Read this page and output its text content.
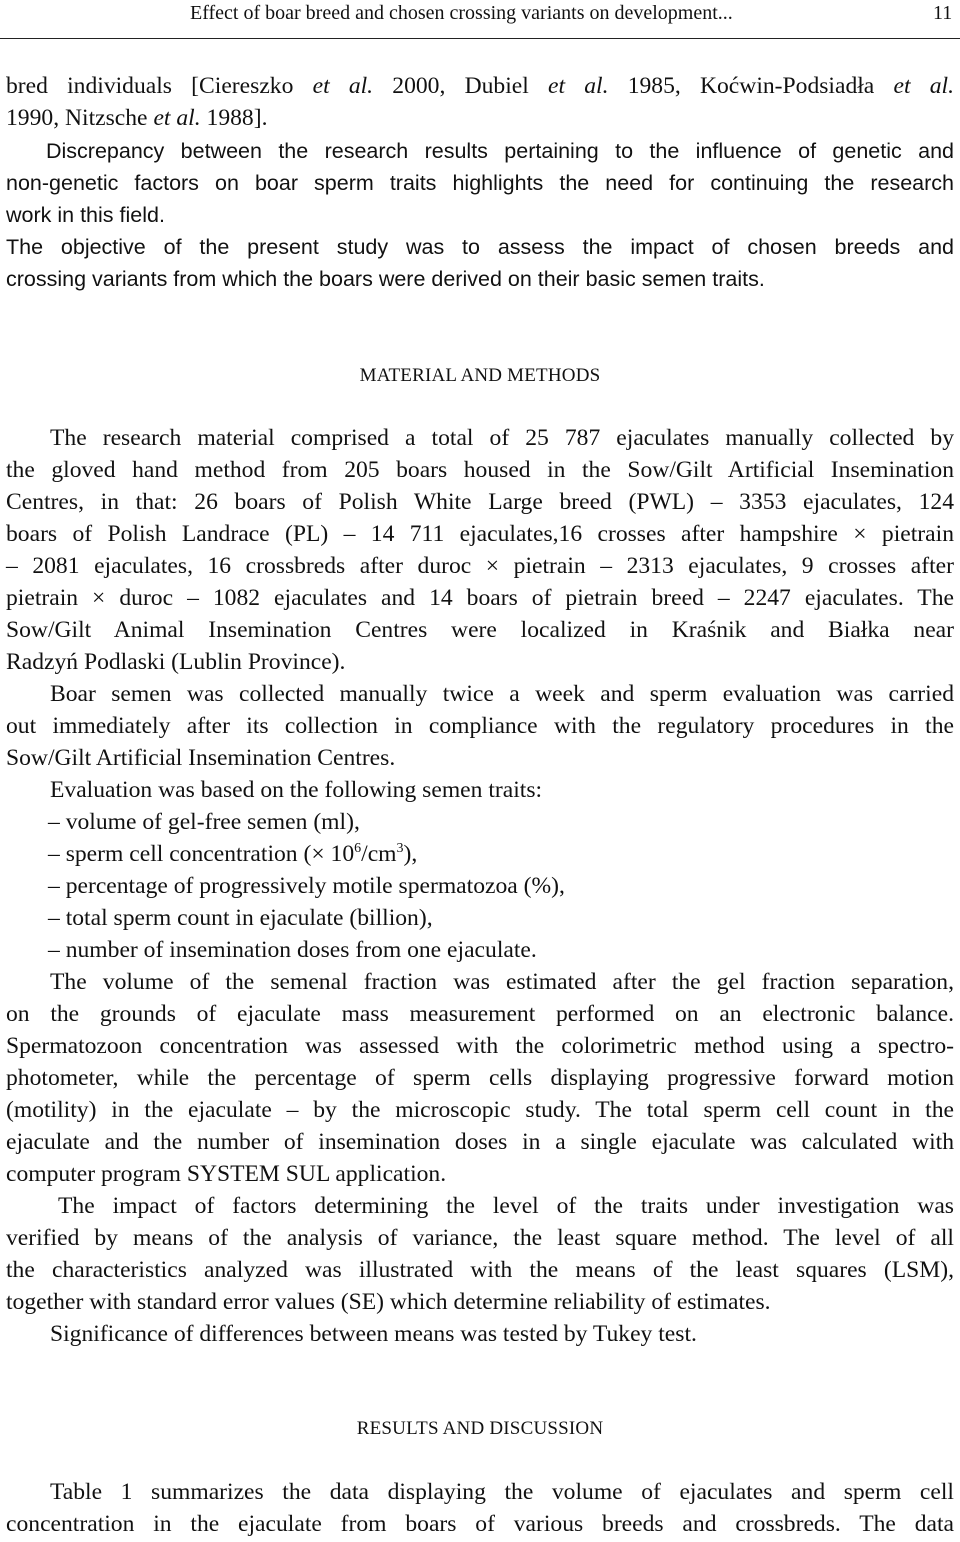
Effect of boar breed and chosen crossing variants on development...	11
bred individuals [Ciereszko et al. 2000, Dubiel et al. 1985, Koćwin-Podsiadła et al.
1990, Nitzsche et al. 1988].
Discrepancy between the research results pertaining to the influence of genetic and
non-genetic factors on boar sperm traits highlights the need for continuing the research
work in this field.
The objective of the present study was to assess the impact of chosen breeds and
crossing variants from which the boars were derived on their basic semen traits.
MATERIAL AND METHODS
The research material comprised a total of 25 787 ejaculates manually collected by
the gloved hand method from 205 boars housed in the Sow/Gilt Artificial Insemination
Centres, in that: 26 boars of Polish White Large breed (PWL) – 3353 ejaculates, 124
boars of Polish Landrace (PL) – 14 711 ejaculates,16 crosses after hampshire × pietrain
– 2081 ejaculates, 16 crossbreds after duroc × pietrain – 2313 ejaculates, 9 crosses after
pietrain × duroc – 1082 ejaculates and 14 boars of pietrain breed – 2247 ejaculates. The
Sow/Gilt Animal Insemination Centres were localized in Kraśnik and Białka near
Radzyń Podlaski (Lublin Province).
Boar semen was collected manually twice a week and sperm evaluation was carried
out immediately after its collection in compliance with the regulatory procedures in the
Sow/Gilt Artificial Insemination Centres.
Evaluation was based on the following semen traits:
– volume of gel-free semen (ml),
– sperm cell concentration (× $10^6/cm^3$),
– percentage of progressively motile spermatozoa (%),
– total sperm count in ejaculate (billion),
– number of insemination doses from one ejaculate.
The volume of the semenal fraction was estimated after the gel fraction separation,
on the grounds of ejaculate mass measurement performed on an electronic balance.
Spermatozoon concentration was assessed with the colorimetric method using a spectro-
photometer, while the percentage of sperm cells displaying progressive forward motion
(motility) in the ejaculate – by the microscopic study. The total sperm cell count in the
ejaculate and the number of insemination doses in a single ejaculate was calculated with
computer program SYSTEM SUL application.
The impact of factors determining the level of the traits under investigation was
verified by means of the analysis of variance, the least square method. The level of all
the characteristics analyzed was illustrated with the means of the least squares (LSM),
together with standard error values (SE) which determine reliability of estimates.
Significance of differences between means was tested by Tukey test.
RESULTS AND DISCUSSION
Table 1 summarizes the data displaying the volume of ejaculates and sperm cell
concentration in the ejaculate from boars of various breeds and crossbreds. The data
